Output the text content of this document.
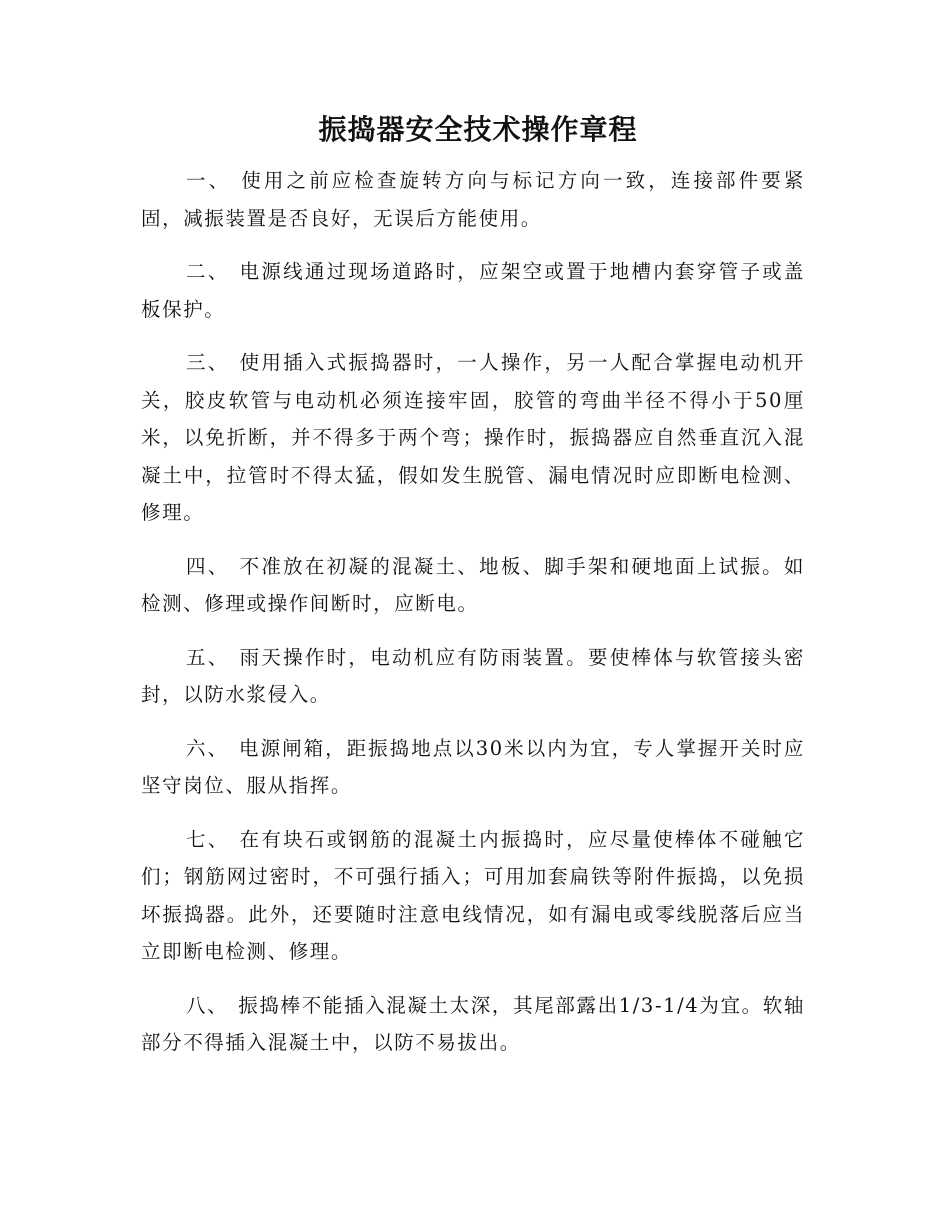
振捣器安全技术操作章程

一、 使用之前应检查旋转方向与标记方向一致，连接部件要紧固，减振装置是否良好，无误后方能使用。

二、 电源线通过现场道路时，应架空或置于地槽内套穿管子或盖板保护。

三、 使用插入式振捣器时，一人操作，另一人配合掌握电动机开关，胶皮软管与电动机必须连接牢固，胶管的弯曲半径不得小于50厘米，以免折断，并不得多于两个弯；操作时，振捣器应自然垂直沉入混凝土中，拉管时不得太猛，假如发生脱管、漏电情况时应即断电检测、修理。

四、 不准放在初凝的混凝土、地板、脚手架和硬地面上试振。如检测、修理或操作间断时，应断电。

五、 雨天操作时，电动机应有防雨装置。要使棒体与软管接头密封，以防水浆侵入。

六、 电源闸箱，距振捣地点以30米以内为宜，专人掌握开关时应坚守岗位、服从指挥。

七、 在有块石或钢筋的混凝土内振捣时，应尽量使棒体不碰触它们；钢筋网过密时，不可强行插入；可用加套扁铁等附件振捣，以免损坏振捣器。此外，还要随时注意电线情况，如有漏电或零线脱落后应当立即断电检测、修理。

八、 振捣棒不能插入混凝土太深，其尾部露出1/3-1/4为宜。软轴部分不得插入混凝土中，以防不易拔出。
